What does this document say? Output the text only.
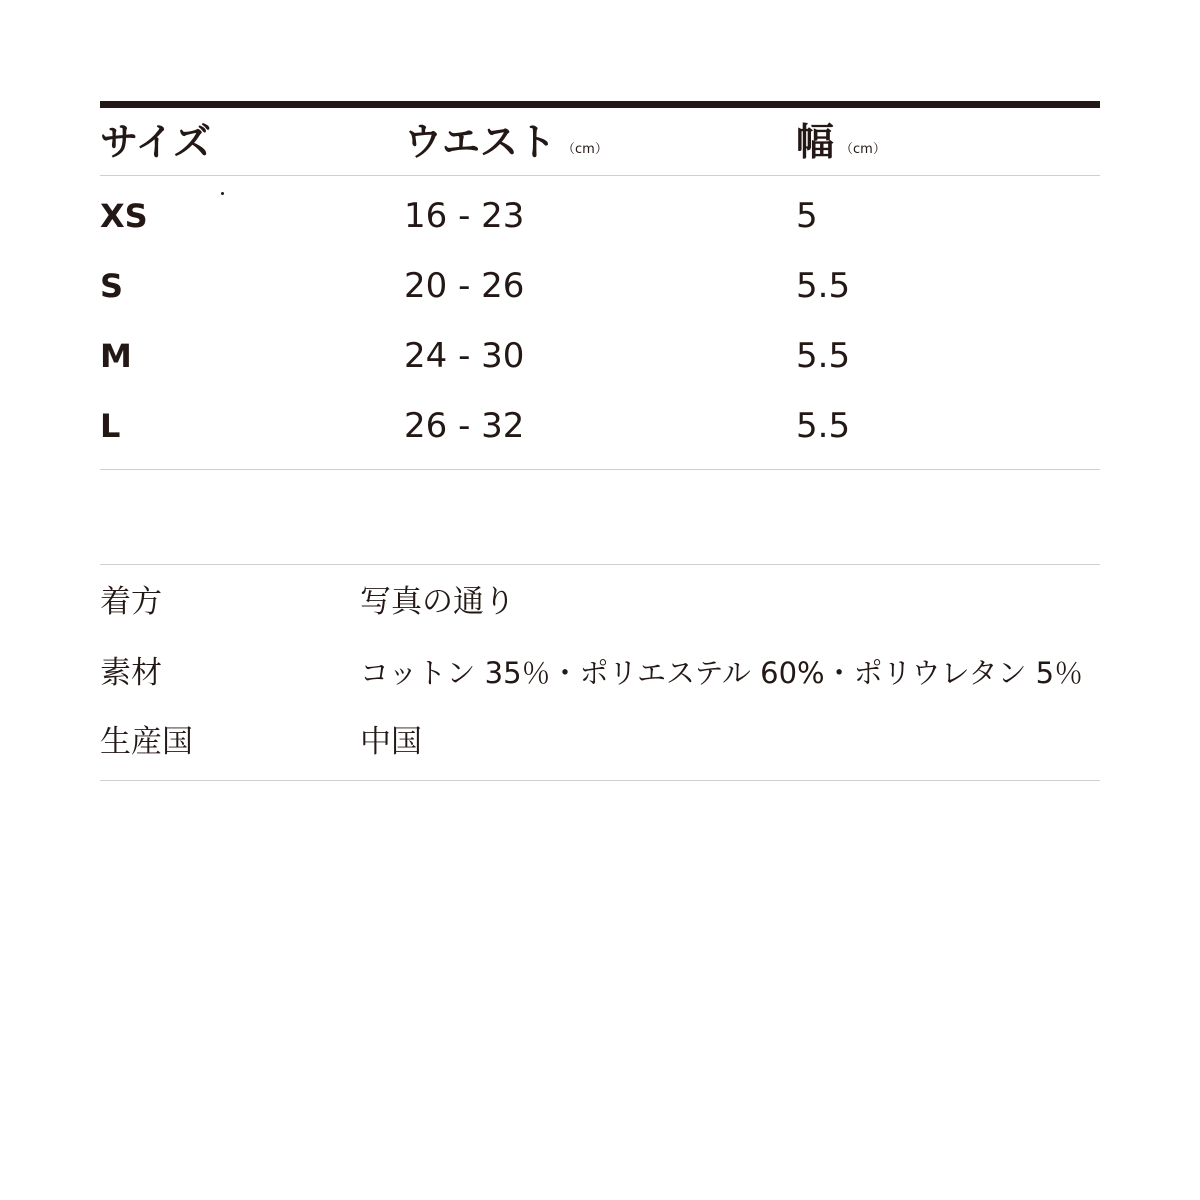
サイズ	ウエスト （cm）	幅 （cm）
XS	16 - 23	5
S	20 - 26	5.5
M	24 - 30	5.5
L	26 - 32	5.5
着方	写真の通り
素材	コットン 35％・ポリエステル 60%・ポリウレタン 5％
生産国	中国
